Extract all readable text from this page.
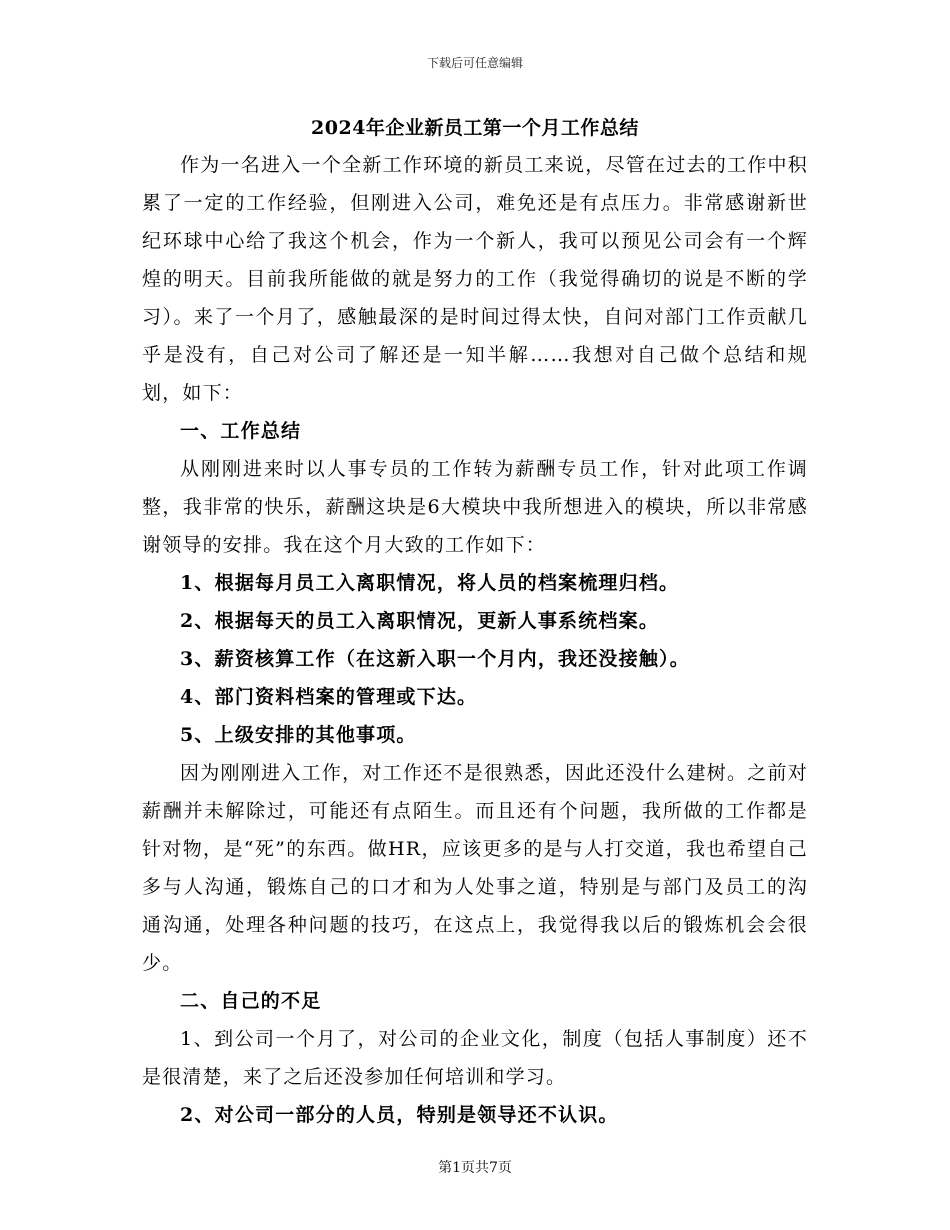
下载后可任意编辑
2024年企业新员工第一个月工作总结

作为一名进入一个全新工作环境的新员工来说，尽管在过去的工作中积累了一定的工作经验，但刚进入公司，难免还是有点压力。非常感谢新世纪环球中心给了我这个机会，作为一个新人，我可以预见公司会有一个辉煌的明天。目前我所能做的就是努力的工作（我觉得确切的说是不断的学习）。来了一个月了，感触最深的是时间过得太快，自问对部门工作贡献几乎是没有，自己对公司了解还是一知半解……我想对自己做个总结和规划，如下：

一、工作总结

从刚刚进来时以人事专员的工作转为薪酬专员工作，针对此项工作调整，我非常的快乐，薪酬这块是6大模块中我所想进入的模块，所以非常感谢领导的安排。我在这个月大致的工作如下：

1、根据每月员工入离职情况，将人员的档案梳理归档。

2、根据每天的员工入离职情况，更新人事系统档案。

3、薪资核算工作（在这新入职一个月内，我还没接触）。

4、部门资料档案的管理或下达。

5、上级安排的其他事项。

因为刚刚进入工作，对工作还不是很熟悉，因此还没什么建树。之前对薪酬并未解除过，可能还有点陌生。而且还有个问题，我所做的工作都是针对物，是“死”的东西。做HR，应该更多的是与人打交道，我也希望自己多与人沟通，锻炼自己的口才和为人处事之道，特别是与部门及员工的沟通沟通，处理各种问题的技巧，在这点上，我觉得我以后的锻炼机会会很少。

二、自己的不足

1、到公司一个月了，对公司的企业文化，制度（包括人事制度）还不是很清楚，来了之后还没参加任何培训和学习。

2、对公司一部分的人员，特别是领导还不认识。

第1页共7页
